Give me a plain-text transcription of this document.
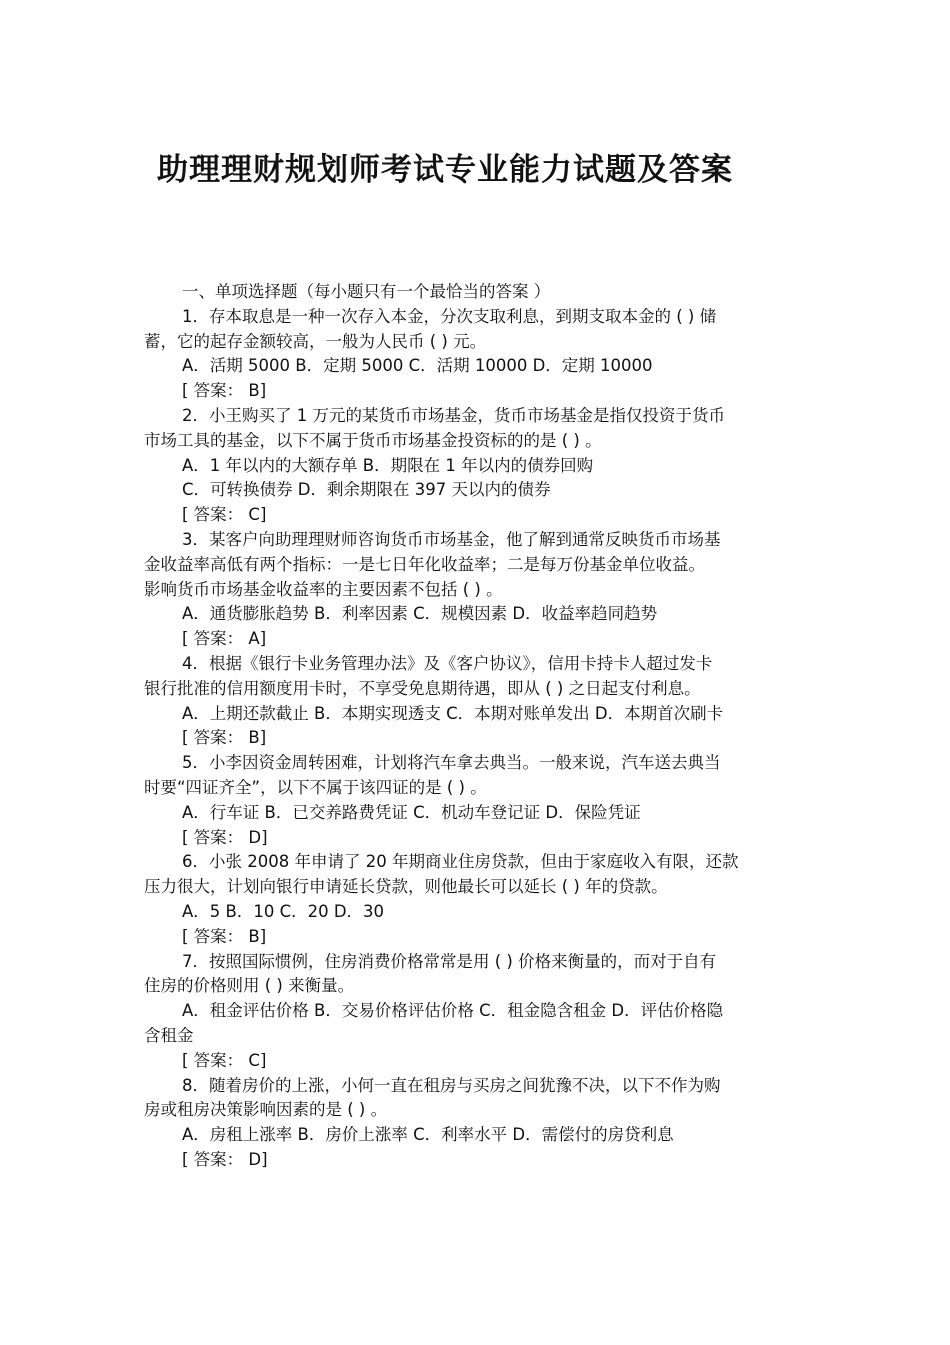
助理理财规划师考试专业能力试题及答案
一、单项选择题（每小题只有一个最恰当的答案 ）
1．存本取息是一种一次存入本金，分次支取利息，到期支取本金的 ( ) 储
蓄，它的起存金额较高，一般为人民币 ( ) 元。
A．活期 5000 B．定期 5000 C．活期 10000 D．定期 10000
[ 答案： B]
2．小王购买了 1 万元的某货币市场基金，货币市场基金是指仅投资于货币
市场工具的基金，以下不属于货币市场基金投资标的的是 ( ) 。
A．1 年以内的大额存单 B．期限在 1 年以内的债券回购
C．可转换债券 D．剩余期限在 397 天以内的债券
[ 答案： C]
3．某客户向助理理财师咨询货币市场基金，他了解到通常反映货币市场基
金收益率高低有两个指标：一是七日年化收益率；二是每万份基金单位收益。
影响货币市场基金收益率的主要因素不包括 ( ) 。
A．通货膨胀趋势 B．利率因素 C．规模因素 D．收益率趋同趋势
[ 答案： A]
4．根据《银行卡业务管理办法》及《客户协议》，信用卡持卡人超过发卡
银行批准的信用额度用卡时，不享受免息期待遇，即从 ( ) 之日起支付利息。
A．上期还款截止 B．本期实现透支 C．本期对账单发出 D．本期首次刷卡
[ 答案： B]
5．小李因资金周转困难，计划将汽车拿去典当。一般来说，汽车送去典当
时要“四证齐全”，以下不属于该四证的是 ( ) 。
A．行车证 B．已交养路费凭证 C．机动车登记证 D．保险凭证
[ 答案： D]
6．小张 2008 年申请了 20 年期商业住房贷款，但由于家庭收入有限，还款
压力很大，计划向银行申请延长贷款，则他最长可以延长 ( ) 年的贷款。
A．5 B．10 C．20 D．30
[ 答案： B]
7．按照国际惯例，住房消费价格常常是用 ( ) 价格来衡量的，而对于自有
住房的价格则用 ( ) 来衡量。
A．租金评估价格 B．交易价格评估价格 C．租金隐含租金 D．评估价格隐
含租金
[ 答案： C]
8．随着房价的上涨，小何一直在租房与买房之间犹豫不决，以下不作为购
房或租房决策影响因素的是 ( ) 。
A．房租上涨率 B．房价上涨率 C．利率水平 D．需偿付的房贷利息
[ 答案： D]
